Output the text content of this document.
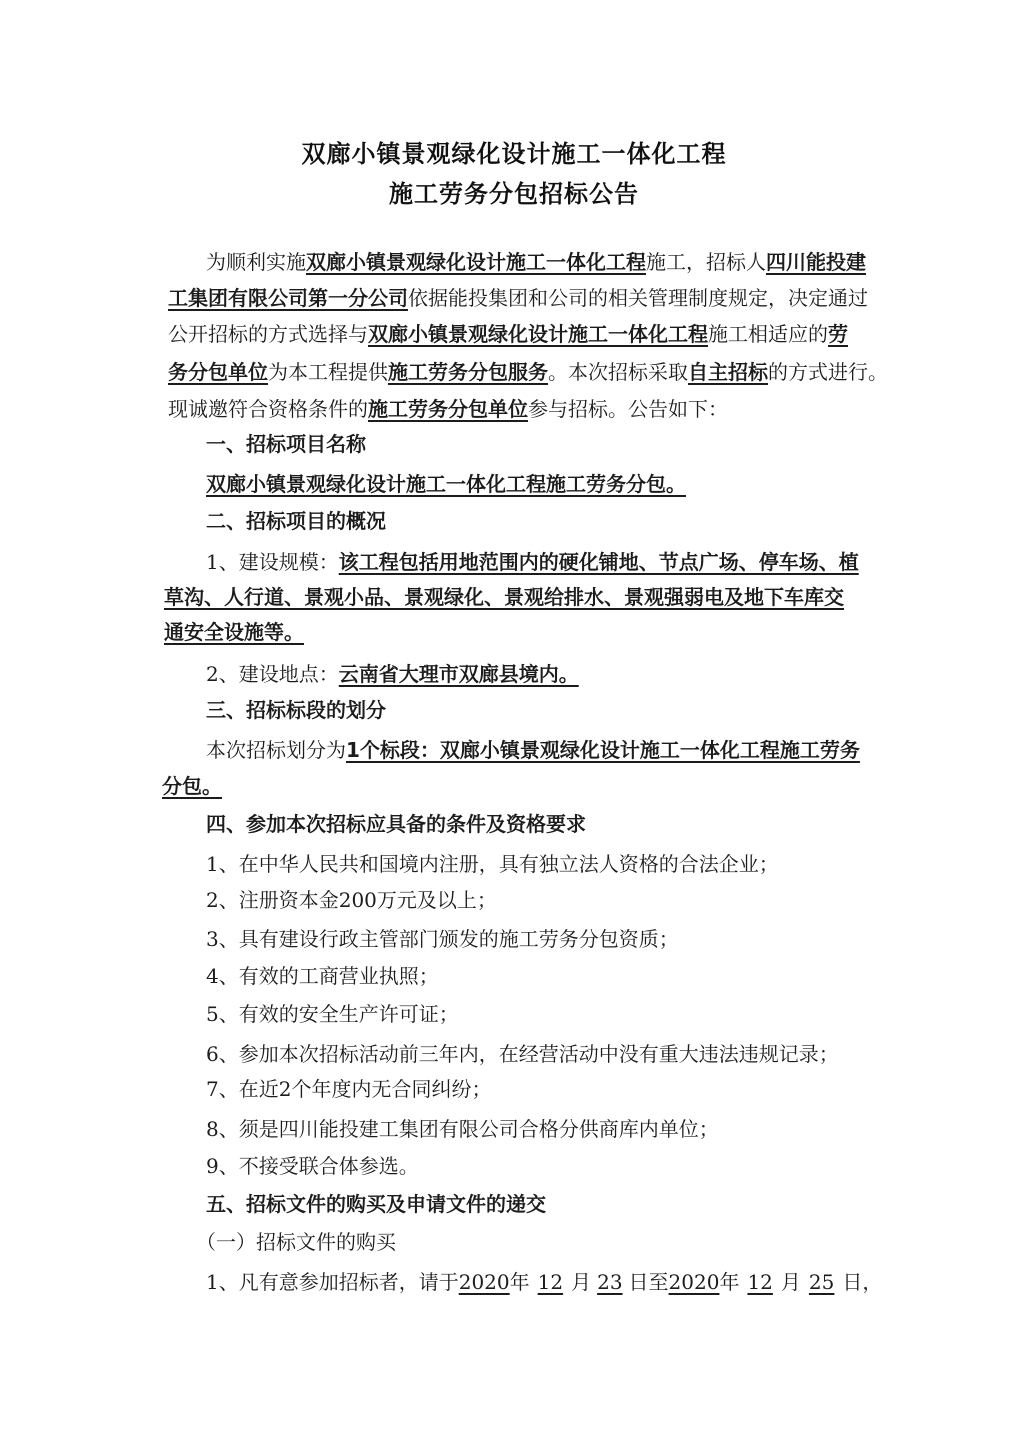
双廊小镇景观绿化设计施工一体化工程
施工劳务分包招标公告
为顺利实施双廊小镇景观绿化设计施工一体化工程施工，招标人四川能投建
工集团有限公司第一分公司依据能投集团和公司的相关管理制度规定，决定通过
公开招标的方式选择与双廊小镇景观绿化设计施工一体化工程施工相适应的劳
务分包单位为本工程提供施工劳务分包服务。本次招标采取自主招标的方式进行。
现诚邀符合资格条件的施工劳务分包单位参与招标。公告如下：
一、招标项目名称
双廊小镇景观绿化设计施工一体化工程施工劳务分包。
二、招标项目的概况
1、建设规模：该工程包括用地范围内的硬化铺地、节点广场、停车场、植
草沟、人行道、景观小品、景观绿化、景观给排水、景观强弱电及地下车库交
通安全设施等。
2、建设地点：云南省大理市双廊县境内。
三、招标标段的划分
本次招标划分为1个标段：双廊小镇景观绿化设计施工一体化工程施工劳务
分包。
四、参加本次招标应具备的条件及资格要求
1、在中华人民共和国境内注册，具有独立法人资格的合法企业；
2、注册资本金200万元及以上；
3、具有建设行政主管部门颁发的施工劳务分包资质；
4、有效的工商营业执照；
5、有效的安全生产许可证；
6、参加本次招标活动前三年内，在经营活动中没有重大违法违规记录；
7、在近2个年度内无合同纠纷；
8、须是四川能投建工集团有限公司合格分供商库内单位；
9、不接受联合体参选。
五、招标文件的购买及申请文件的递交
（一）招标文件的购买
1、凡有意参加招标者，请于2020年 12 月 23 日至2020年 12 月 25 日，
